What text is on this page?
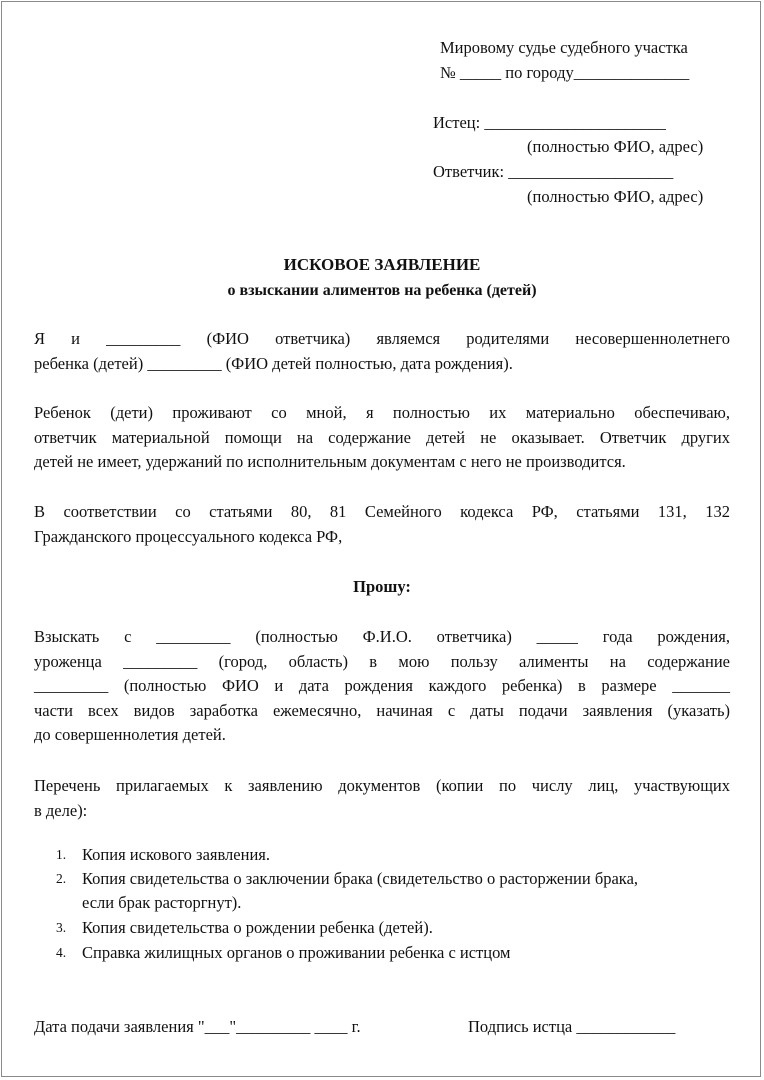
Мировому судье судебного участка
№ _____ по городу______________
Истец: ______________________
(полностью ФИО, адрес)
Ответчик: ____________________
(полностью ФИО, адрес)
ИСКОВОЕ ЗАЯВЛЕНИЕ
о взыскании алиментов на ребенка (детей)
Я и _________ (ФИО ответчика) являемся родителями несовершеннолетнего
ребенка (детей) _________ (ФИО детей полностью, дата рождения).
Ребенок (дети) проживают со мной, я полностью их материально обеспечиваю,
ответчик материальной помощи на содержание детей не оказывает. Ответчик других
детей не имеет, удержаний по исполнительным документам с него не производится.
В соответствии со статьями 80, 81 Семейного кодекса РФ, статьями 131, 132
Гражданского процессуального кодекса РФ,
Прошу:
Взыскать с _________ (полностью Ф.И.О. ответчика) _____ года рождения,
уроженца _________ (город, область) в мою пользу алименты на содержание
_________ (полностью ФИО и дата рождения каждого ребенка) в размере _______
части всех видов заработка ежемесячно, начиная с даты подачи заявления (указать)
до совершеннолетия детей.
Перечень прилагаемых к заявлению документов (копии по числу лиц, участвующих
в деле):
1. Копия искового заявления.
2. Копия свидетельства о заключении брака (свидетельство о расторжении брака,
если брак расторгнут).
3. Копия свидетельства о рождении ребенка (детей).
4. Справка жилищных органов о проживании ребенка с истцом
Дата подачи заявления "___"_________ ____ г.	Подпись истца ____________
